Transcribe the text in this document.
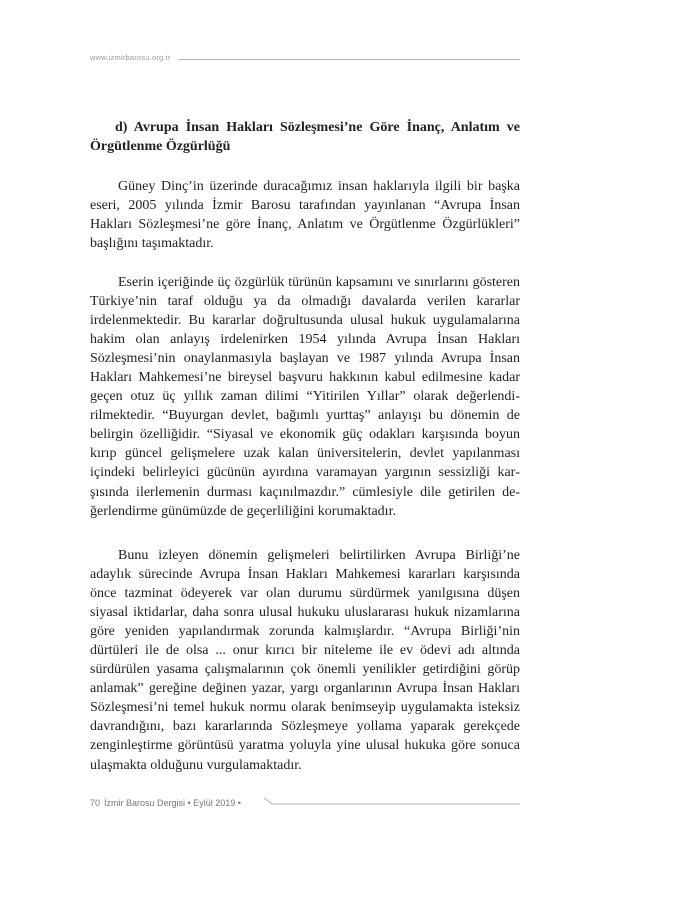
www.izmirbarosu.org.tr
d) Avrupa İnsan Hakları Sözleşmesi’ne Göre İnanç, Anlatım ve
Örgütlenme Özgürlüğü

Güney Dinç’in üzerinde duracağımız insan haklarıyla ilgili bir başka eseri, 2005 yılında İzmir Barosu tarafından yayınlanan “Avrupa İnsan Hakları Sözleşmesi’ne göre İnanç, Anlatım ve Örgütlenme Özgürlükleri” başlığını taşımaktadır.

Eserin içeriğinde üç özgürlük türünün kapsamını ve sınırlarını gösteren Türkiye’nin taraf olduğu ya da olmadığı davalarda verilen kararlar irdelenmektedir. Bu kararlar doğrultusunda ulusal hukuk uygulamalarına hakim olan anlayış irdelenirken 1954 yılında Avrupa İnsan Hakları Sözleşmesi’nin onaylanmasıyla başlayan ve 1987 yılında Avrupa İnsan Hakları Mahkemesi’ne bireysel başvuru hakkının kabul edilmesine kadar geçen otuz üç yıllık zaman dilimi “Yitirilen Yıllar” olarak değerlendirilmektedir. “Buyurgan devlet, bağımlı yurttaş” anlayışı bu dönemin de belirgin özelliğidir. “Siyasal ve ekonomik güç odakları karşısında boyun kırıp güncel gelişmelere uzak kalan üniversitelerin, devlet yapılanması içindeki belirleyici gücünün ayırdına varamayan yargının sessizliği karşısında ilerlemenin durması kaçınılmazdır.” cümlesiyle dile getirilen değerlendirme günümüzde de geçerliliğini korumaktadır.

Bunu izleyen dönemin gelişmeleri belirtilirken Avrupa Birliği’ne adaylık sürecinde Avrupa İnsan Hakları Mahkemesi kararları karşısında önce tazminat ödeyerek var olan durumu sürdürmek yanılgısına düşen siyasal iktidarlar, daha sonra ulusal hukuku uluslararası hukuk nizamlarına göre yeniden yapılandırmak zorunda kalmışlardır. “Avrupa Birliği’nin dürtüleri ile de olsa ... onur kırıcı bir niteleme ile ev ödevi adı altında sürdürülen yasama çalışmalarının çok önemli yenilikler getirdiğini görüp anlamak” gereğine değinen yazar, yargı organlarının Avrupa İnsan Hakları Sözleşmesi’ni temel hukuk normu olarak benimseyip uygulamakta isteksiz davrandığını, bazı kararlarında Sözleşmeye yollama yaparak gerekçede zenginleştirme görüntüsü yaratma yoluyla yine ulusal hukuka göre sonuca ulaşmakta olduğunu vurgulamaktadır.

70 İzmir Barosu Dergisi • Eylül 2019 •
